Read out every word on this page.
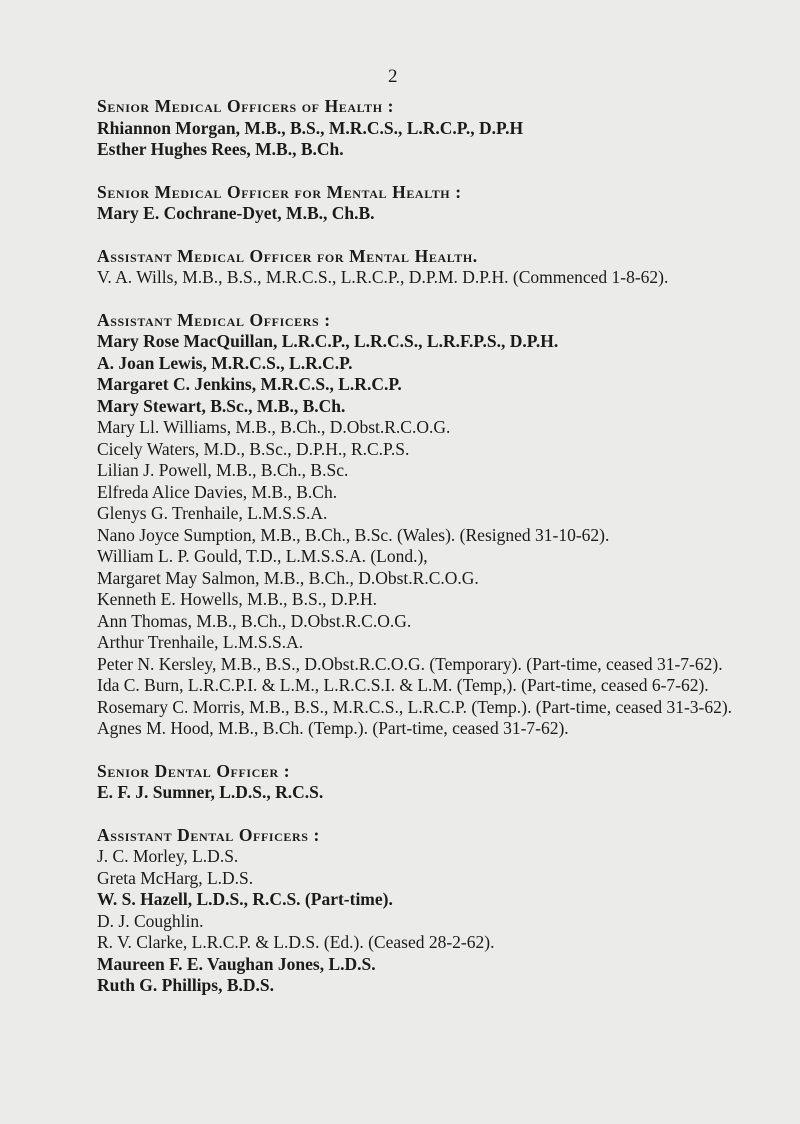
2
Senior Medical Officers of Health :
Rhiannon Morgan, M.B., B.S., M.R.C.S., L.R.C.P., D.P.H
Esther Hughes Rees, M.B., B.Ch.
Senior Medical Officer for Mental Health :
Mary E. Cochrane-Dyet, M.B., Ch.B.
Assistant Medical Officer for Mental Health.
V. A. Wills, M.B., B.S., M.R.C.S., L.R.C.P., D.P.M. D.P.H. (Commenced 1-8-62).
Assistant Medical Officers :
Mary Rose MacQuillan, L.R.C.P., L.R.C.S., L.R.F.P.S., D.P.H.
A. Joan Lewis, M.R.C.S., L.R.C.P.
Margaret C. Jenkins, M.R.C.S., L.R.C.P.
Mary Stewart, B.Sc., M.B., B.Ch.
Mary Ll. Williams, M.B., B.Ch., D.Obst.R.C.O.G.
Cicely Waters, M.D., B.Sc., D.P.H., R.C.P.S.
Lilian J. Powell, M.B., B.Ch., B.Sc.
Elfreda Alice Davies, M.B., B.Ch.
Glenys G. Trenhaile, L.M.S.S.A.
Nano Joyce Sumption, M.B., B.Ch., B.Sc. (Wales). (Resigned 31-10-62).
William L. P. Gould, T.D., L.M.S.S.A. (Lond.),
Margaret May Salmon, M.B., B.Ch., D.Obst.R.C.O.G.
Kenneth E. Howells, M.B., B.S., D.P.H.
Ann Thomas, M.B., B.Ch., D.Obst.R.C.O.G.
Arthur Trenhaile, L.M.S.S.A.
Peter N. Kersley, M.B., B.S., D.Obst.R.C.O.G. (Temporary). (Part-time, ceased 31-7-62).
Ida C. Burn, L.R.C.P.I. & L.M., L.R.C.S.I. & L.M. (Temp,). (Part-time, ceased 6-7-62).
Rosemary C. Morris, M.B., B.S., M.R.C.S., L.R.C.P. (Temp.). (Part-time, ceased 31-3-62).
Agnes M. Hood, M.B., B.Ch. (Temp.). (Part-time, ceased 31-7-62).
Senior Dental Officer :
E. F. J. Sumner, L.D.S., R.C.S.
Assistant Dental Officers :
J. C. Morley, L.D.S.
Greta McHarg, L.D.S.
W. S. Hazell, L.D.S., R.C.S. (Part-time).
D. J. Coughlin.
R. V. Clarke, L.R.C.P. & L.D.S. (Ed.). (Ceased 28-2-62).
Maureen F. E. Vaughan Jones, L.D.S.
Ruth G. Phillips, B.D.S.
